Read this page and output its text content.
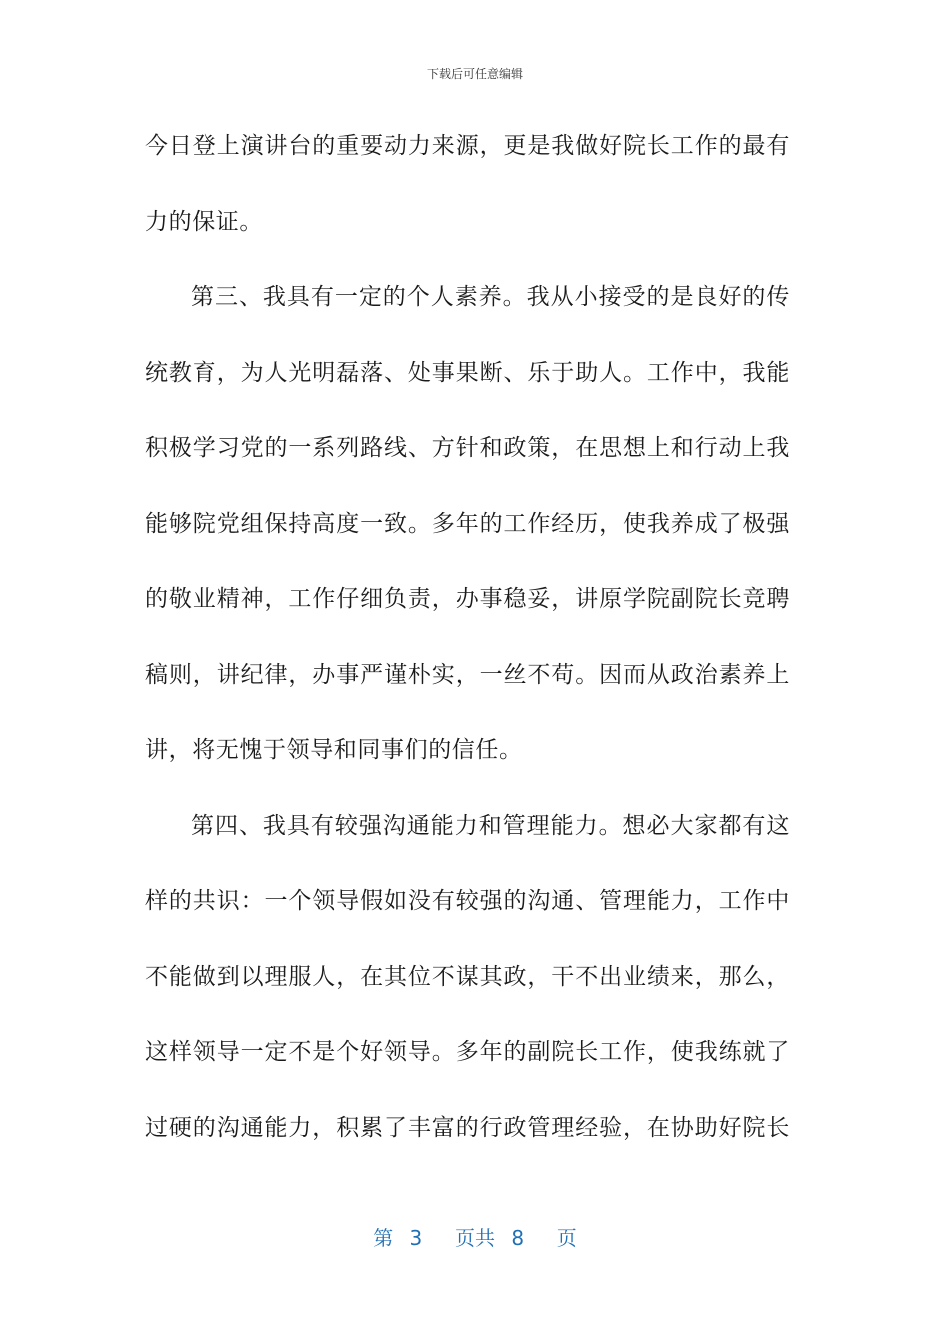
下载后可任意编辑
今日登上演讲台的重要动力来源，更是我做好院长工作的最有
力的保证。
第三、我具有一定的个人素养。我从小接受的是良好的传
统教育，为人光明磊落、处事果断、乐于助人。工作中，我能
积极学习党的一系列路线、方针和政策，在思想上和行动上我
能够院党组保持高度一致。多年的工作经历，使我养成了极强
的敬业精神，工作仔细负责，办事稳妥，讲原学院副院长竞聘
稿则，讲纪律，办事严谨朴实，一丝不苟。因而从政治素养上
讲，将无愧于领导和同事们的信任。
第四、我具有较强沟通能力和管理能力。想必大家都有这
样的共识：一个领导假如没有较强的沟通、管理能力，工作中
不能做到以理服人，在其位不谋其政，干不出业绩来，那么，
这样领导一定不是个好领导。多年的副院长工作，使我练就了
过硬的沟通能力，积累了丰富的行政管理经验，在协助好院长
第 3  页共 8  页
